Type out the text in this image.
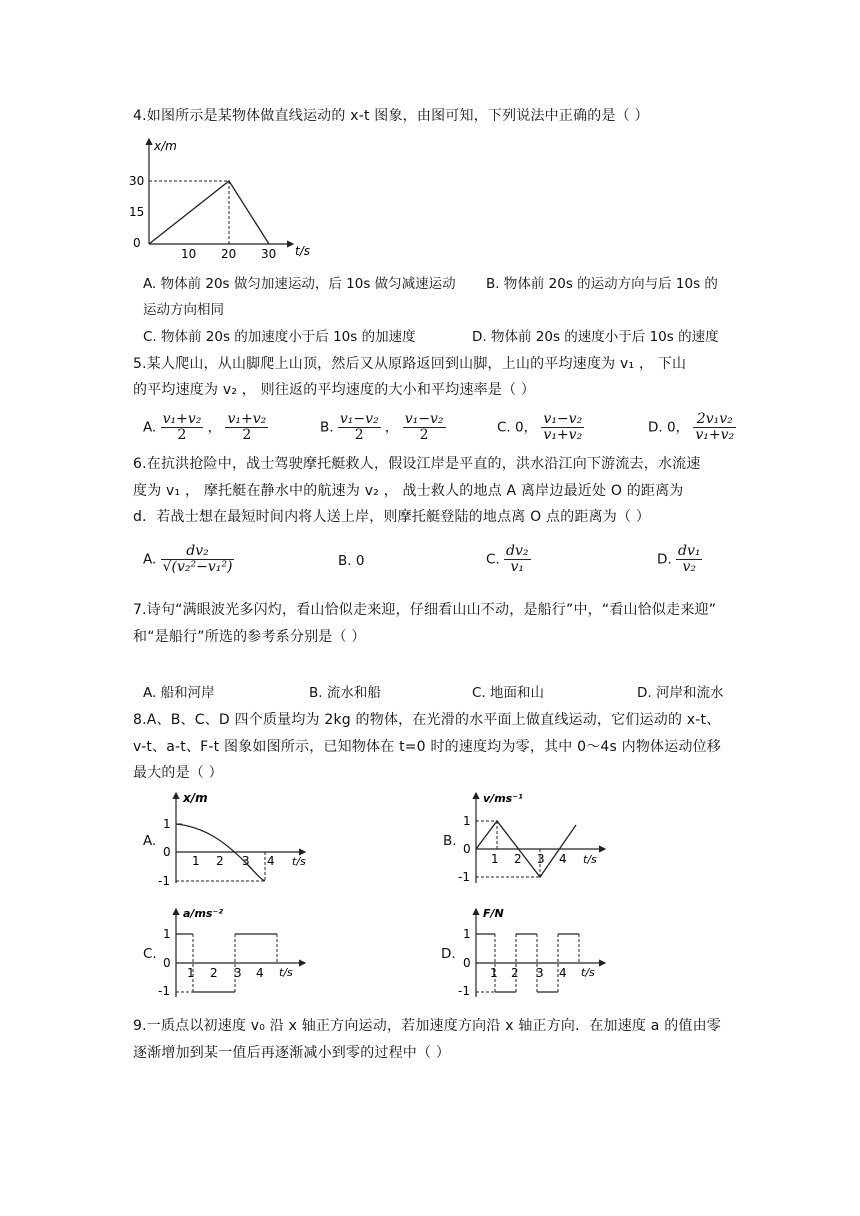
4.如图所示是某物体做直线运动的 x-t 图象，由图可知，下列说法中正确的是（ ）
x/m
t/s
30
15
0
10 20 30
A. 物体前 20s 做匀加速运动，后 10s 做匀减速运动 B. 物体前 20s 的运动方向与后 10s 的
运动方向相同
C. 物体前 20s 的加速度小于后 10s 的加速度	D. 物体前 20s 的速度小于后 10s 的速度
5.某人爬山，从山脚爬上山顶，然后又从原路返回到山脚，上山的平均速度为 v₁ ， 下山
的平均速度为 v₂ ， 则往返的平均速度的大小和平均速率是（ ）
A. $\frac{\text{v₁+v₂}}{2}$ ， $\frac{\text{v₁+v₂}}{2}$	B. $\frac{\text{v₁−v₂}}{2}$ ， $\frac{\text{v₁−v₂}}{2}$	C. 0， $\frac{\text{v₁−v₂}}{\text{v₁+v₂}}$	D. 0， $\frac{\text{2v₁v₂}}{\text{v₁+v₂}}$
6.在抗洪抢险中，战士驾驶摩托艇救人，假设江岸是平直的，洪水沿江向下游流去，水流速
度为 v₁ ， 摩托艇在静水中的航速为 v₂ ， 战士救人的地点 A 离岸边最近处 O 的距离为
d．若战士想在最短时间内将人送上岸，则摩托艇登陆的地点离 O 点的距离为（ ）
A. $\frac{\text{dv₂}}{\text{√(v₂²−v₁²)}}$	B. 0	C. $\frac{\text{dv₂}}{\text{v₁}}$	D. $\frac{\text{dv₁}}{\text{v₂}}$
7.诗句“满眼波光多闪灼，看山恰似走来迎，仔细看山山不动，是船行”中，“看山恰似走来迎”
和“是船行”所选的参考系分别是（ ）
A. 船和河岸	B. 流水和船	C. 地面和山	D. 河岸和流水
8.A、B、C、D 四个质量均为 2kg 的物体，在光滑的水平面上做直线运动，它们运动的 x-t、
v-t、a-t、F-t 图象如图所示，已知物体在 t=0 时的速度均为零，其中 0～4s 内物体运动位移
最大的是（ ）
A.
x/m
t/s
1
0
-1
1 2 3 4
B.
v/ms⁻¹
t/s
1
0
-1
1 2 3 4
C.
a/ms⁻²
t/s
1
0
-1
1 2 3 4
D.
F/N
t/s
1
0
-1
1 2 3 4
9.一质点以初速度 v₀ 沿 x 轴正方向运动，若加速度方向沿 x 轴正方向．在加速度 a 的值由零
逐渐增加到某一值后再逐渐减小到零的过程中（ ）
